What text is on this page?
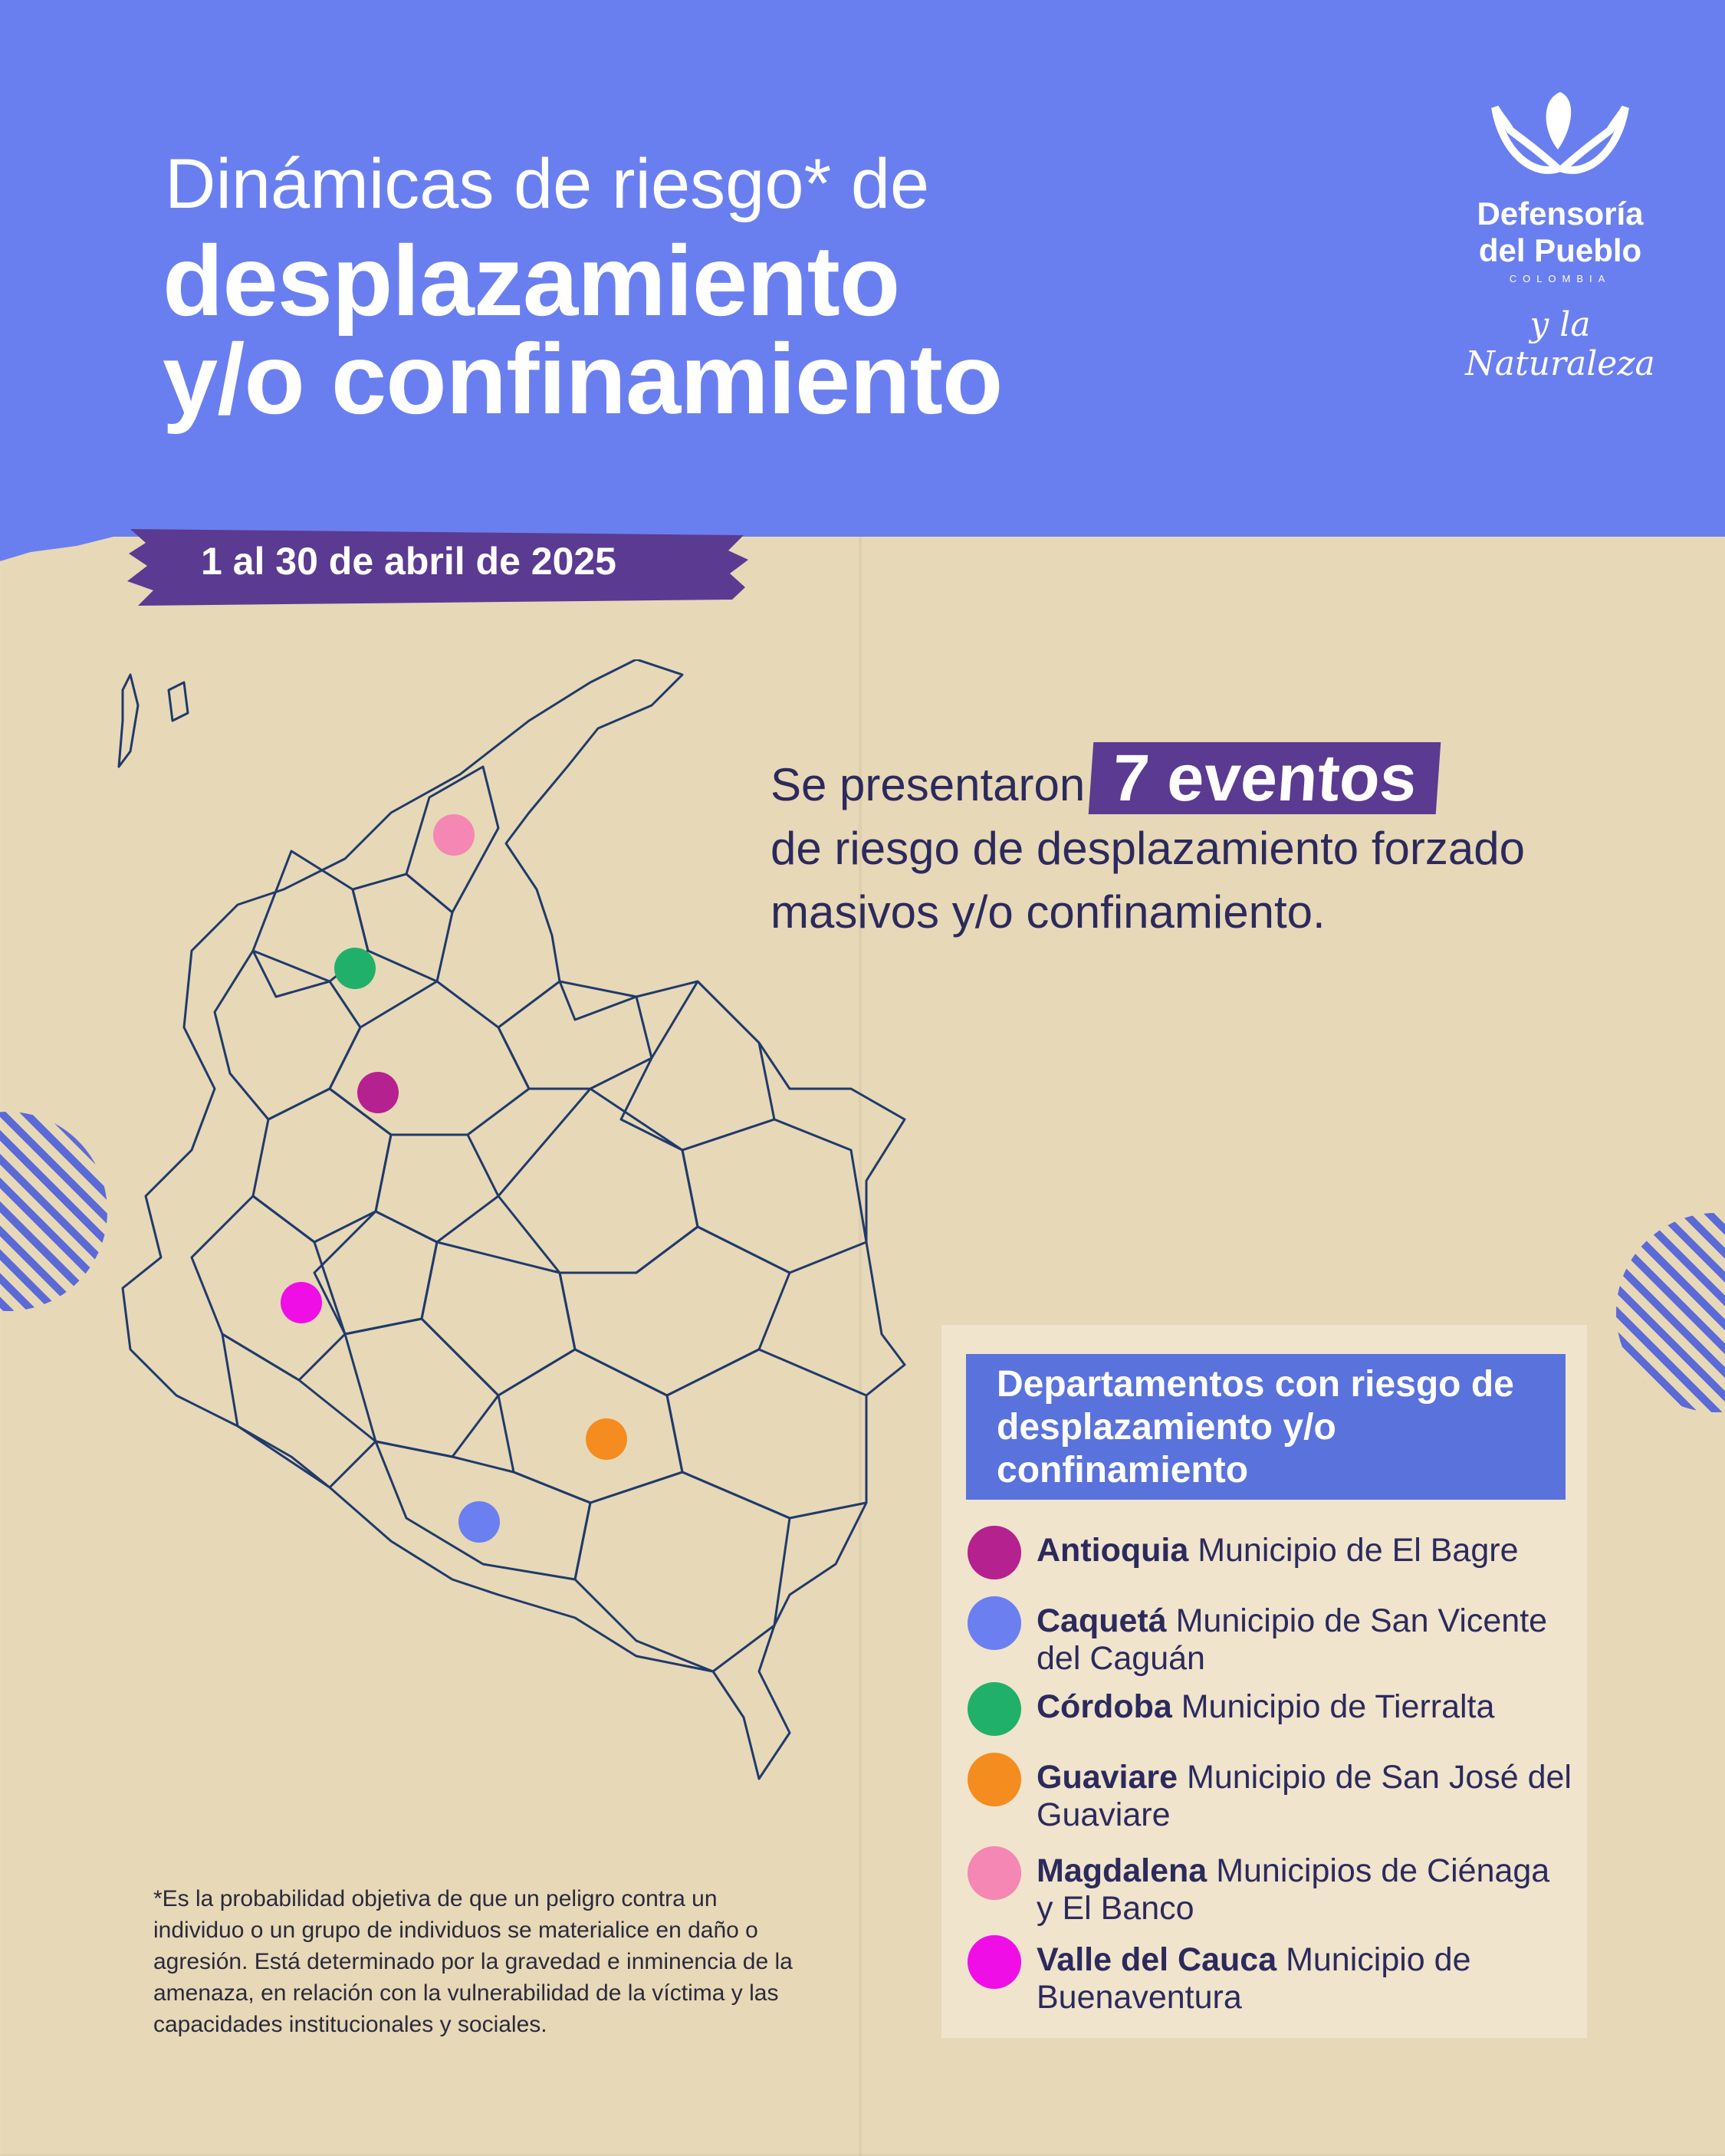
Dinámicas de riesgo* de
desplazamiento
y/o confinamiento
1 al 30 de abril de 2025
Defensoría
del Pueblo
COLOMBIA
y la Naturaleza
Se presentaron 7 eventos
de riesgo de desplazamiento forzado masivos y/o confinamiento.
Departamentos con riesgo de desplazamiento y/o confinamiento
Antioquia Municipio de El Bagre
Caquetá Municipio de San Vicente del Caguán
Córdoba Municipio de Tierralta
Guaviare Municipio de San José del Guaviare
Magdalena Municipios de Ciénaga y El Banco
Valle del Cauca Municipio de Buenaventura
*Es la probabilidad objetiva de que un peligro contra un individuo o un grupo de individuos se materialice en daño o agresión. Está determinado por la gravedad e inminencia de la amenaza, en relación con la vulnerabilidad de la víctima y las capacidades institucionales y sociales.
